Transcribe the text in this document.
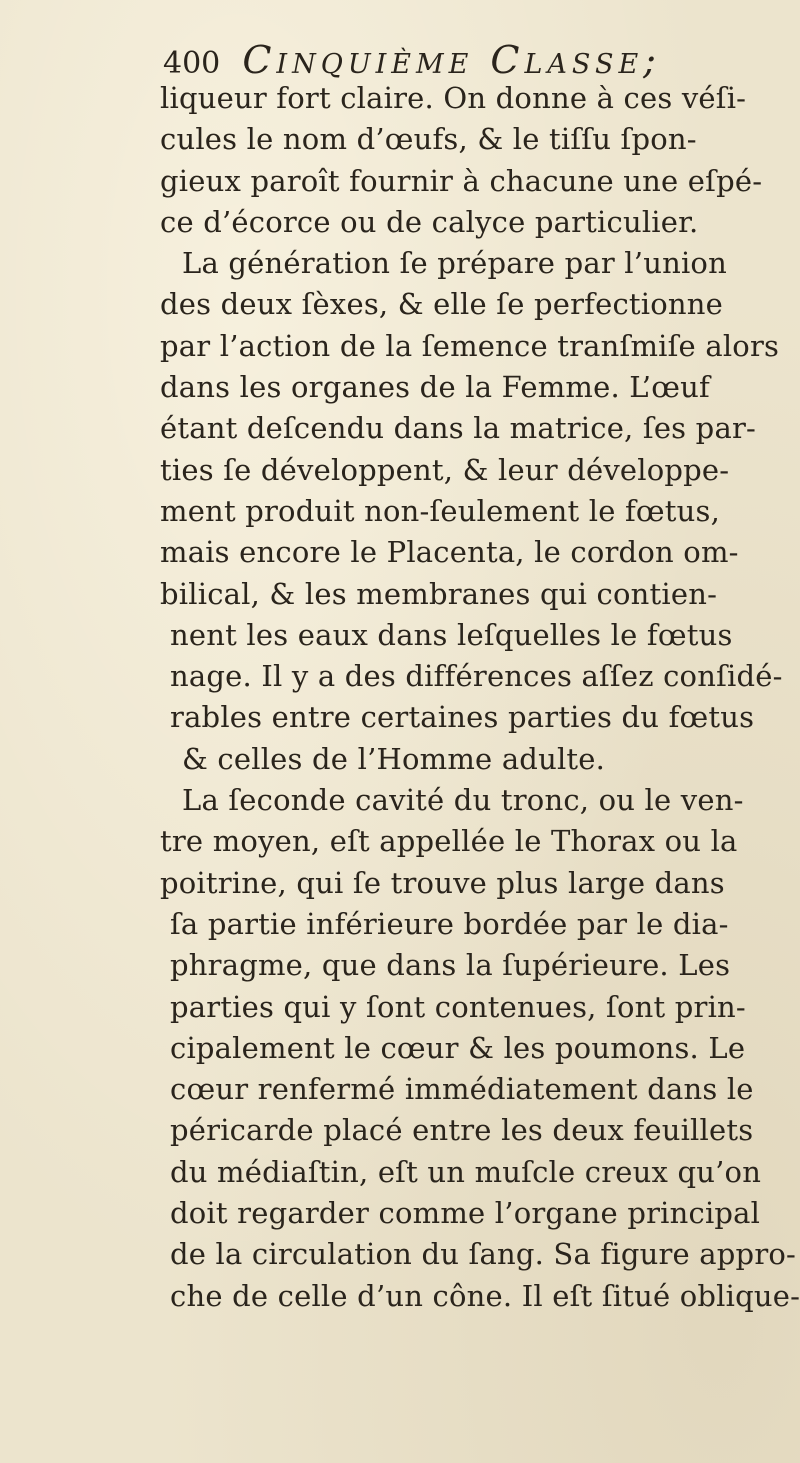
400 Cinquième Classe;
liqueur fort claire. On donne à ces véſi-
cules le nom d’œufs, & le tiſſu ſpon-
gieux paroît fournir à chacune une eſpé-
ce d’écorce ou de calyce particulier.
La génération ſe prépare par l’union
des deux ſèxes, & elle ſe perfectionne
par l’action de la ſemence tranſmiſe alors
dans les organes de la Femme. L’œuf
étant deſcendu dans la matrice, ſes par-
ties ſe développent, & leur développe-
ment produit non-ſeulement le fœtus,
mais encore le Placenta, le cordon om-
bilical, & les membranes qui contien-
nent les eaux dans leſquelles le fœtus
nage. Il y a des différences aſſez conſidé-
rables entre certaines parties du fœtus
& celles de l’Homme adulte.
La ſeconde cavité du tronc, ou le ven-
tre moyen, eſt appellée le Thorax ou la
poitrine, qui ſe trouve plus large dans
ſa partie inférieure bordée par le dia-
phragme, que dans la ſupérieure. Les
parties qui y ſont contenues, ſont prin-
cipalement le cœur & les poumons. Le
cœur renfermé immédiatement dans le
péricarde placé entre les deux feuillets
du médiaſtin, eſt un muſcle creux qu’on
doit regarder comme l’organe principal
de la circulation du ſang. Sa figure appro-
che de celle d’un cône. Il eſt ſitué oblique-
